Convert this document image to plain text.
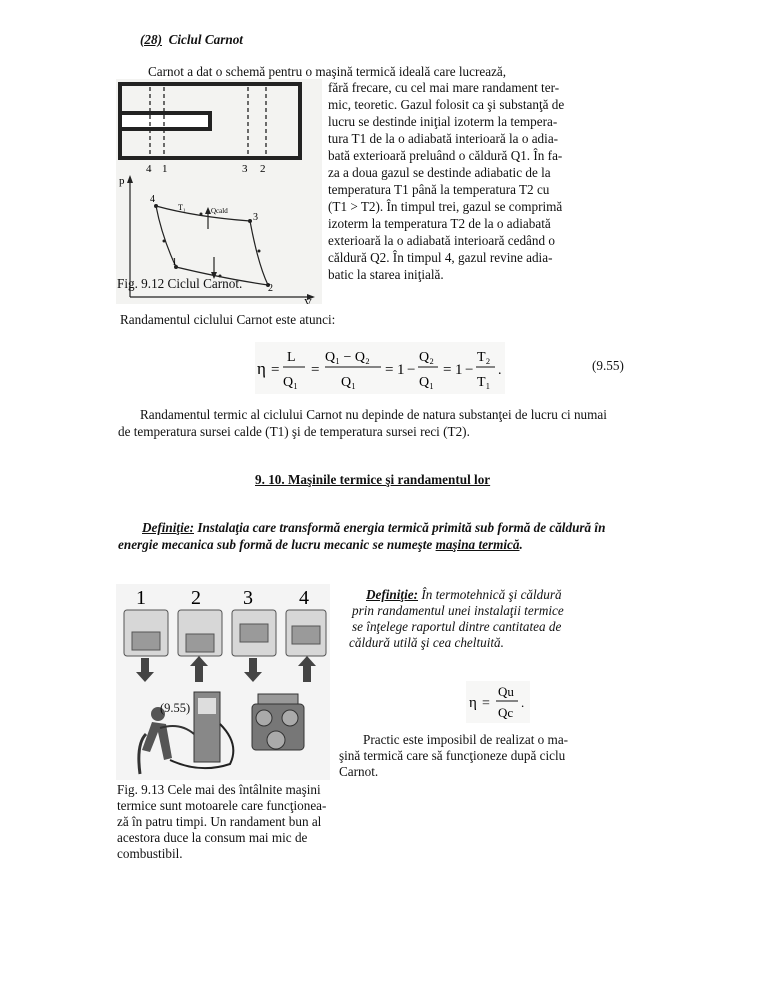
(28) Ciclul Carnot
Carnot a dat o schemă pentru o maşină termică ideală care lucrează,
4 1	3 2
p
V
4
1
3
2
T₁	Qcald
fără frecare, cu cel mai mare randament ter-
mic, teoretic. Gazul folosit ca şi substanţă de
lucru se destinde iniţial izoterm la tempera-
tura T1 de la o adiabată interioară la o adia-
bată exterioară preluând o căldură Q1. În fa-
za a doua gazul se destinde adiabatic de la
temperatura T1 până la temperatura T2 cu
(T1 > T2). În timpul trei, gazul se comprimă
izoterm la temperatura T2 de la o adiabată
exterioară la o adiabată interioară cedând o
căldură Q2. În timpul 4, gazul revine adia-
batic la starea iniţială.
Fig. 9.12 Ciclul Carnot.
Randamentul ciclului Carnot este atunci:
η =
L
Q₁
=
Q₁ − Q₂
Q₁
= 1 −
Q₂
Q₁
= 1 −
T₂
T₁
.	(9.55)
Randamentul termic al ciclului Carnot nu depinde de natura substanţei de lucru ci numai
de temperatura sursei calde (T1) şi de temperatura sursei reci (T2).
9. 10. Maşinile termice şi randamentul lor
Definiţie: Instalaţia care transformă energia termică primită sub formă de căldură în
energie mecanica sub formă de lucru mecanic se numeşte maşina termică.
1 2 3 4
(9.55)
Definiţie: În termotehnică şi căldură
prin randamentul unei instalaţii termice
se înţelege raportul dintre cantitatea de
căldură utilă şi cea cheltuită.
η =
Qu
Qc
.
Practic este imposibil de realizat o ma-
şină termică care să funcţioneze după ciclu
Carnot.
Fig. 9.13 Cele mai des întâlnite maşini
termice sunt motoarele care funcţionea-
ză în patru timpi. Un randament bun al
acestora duce la consum mai mic de
combustibil.
